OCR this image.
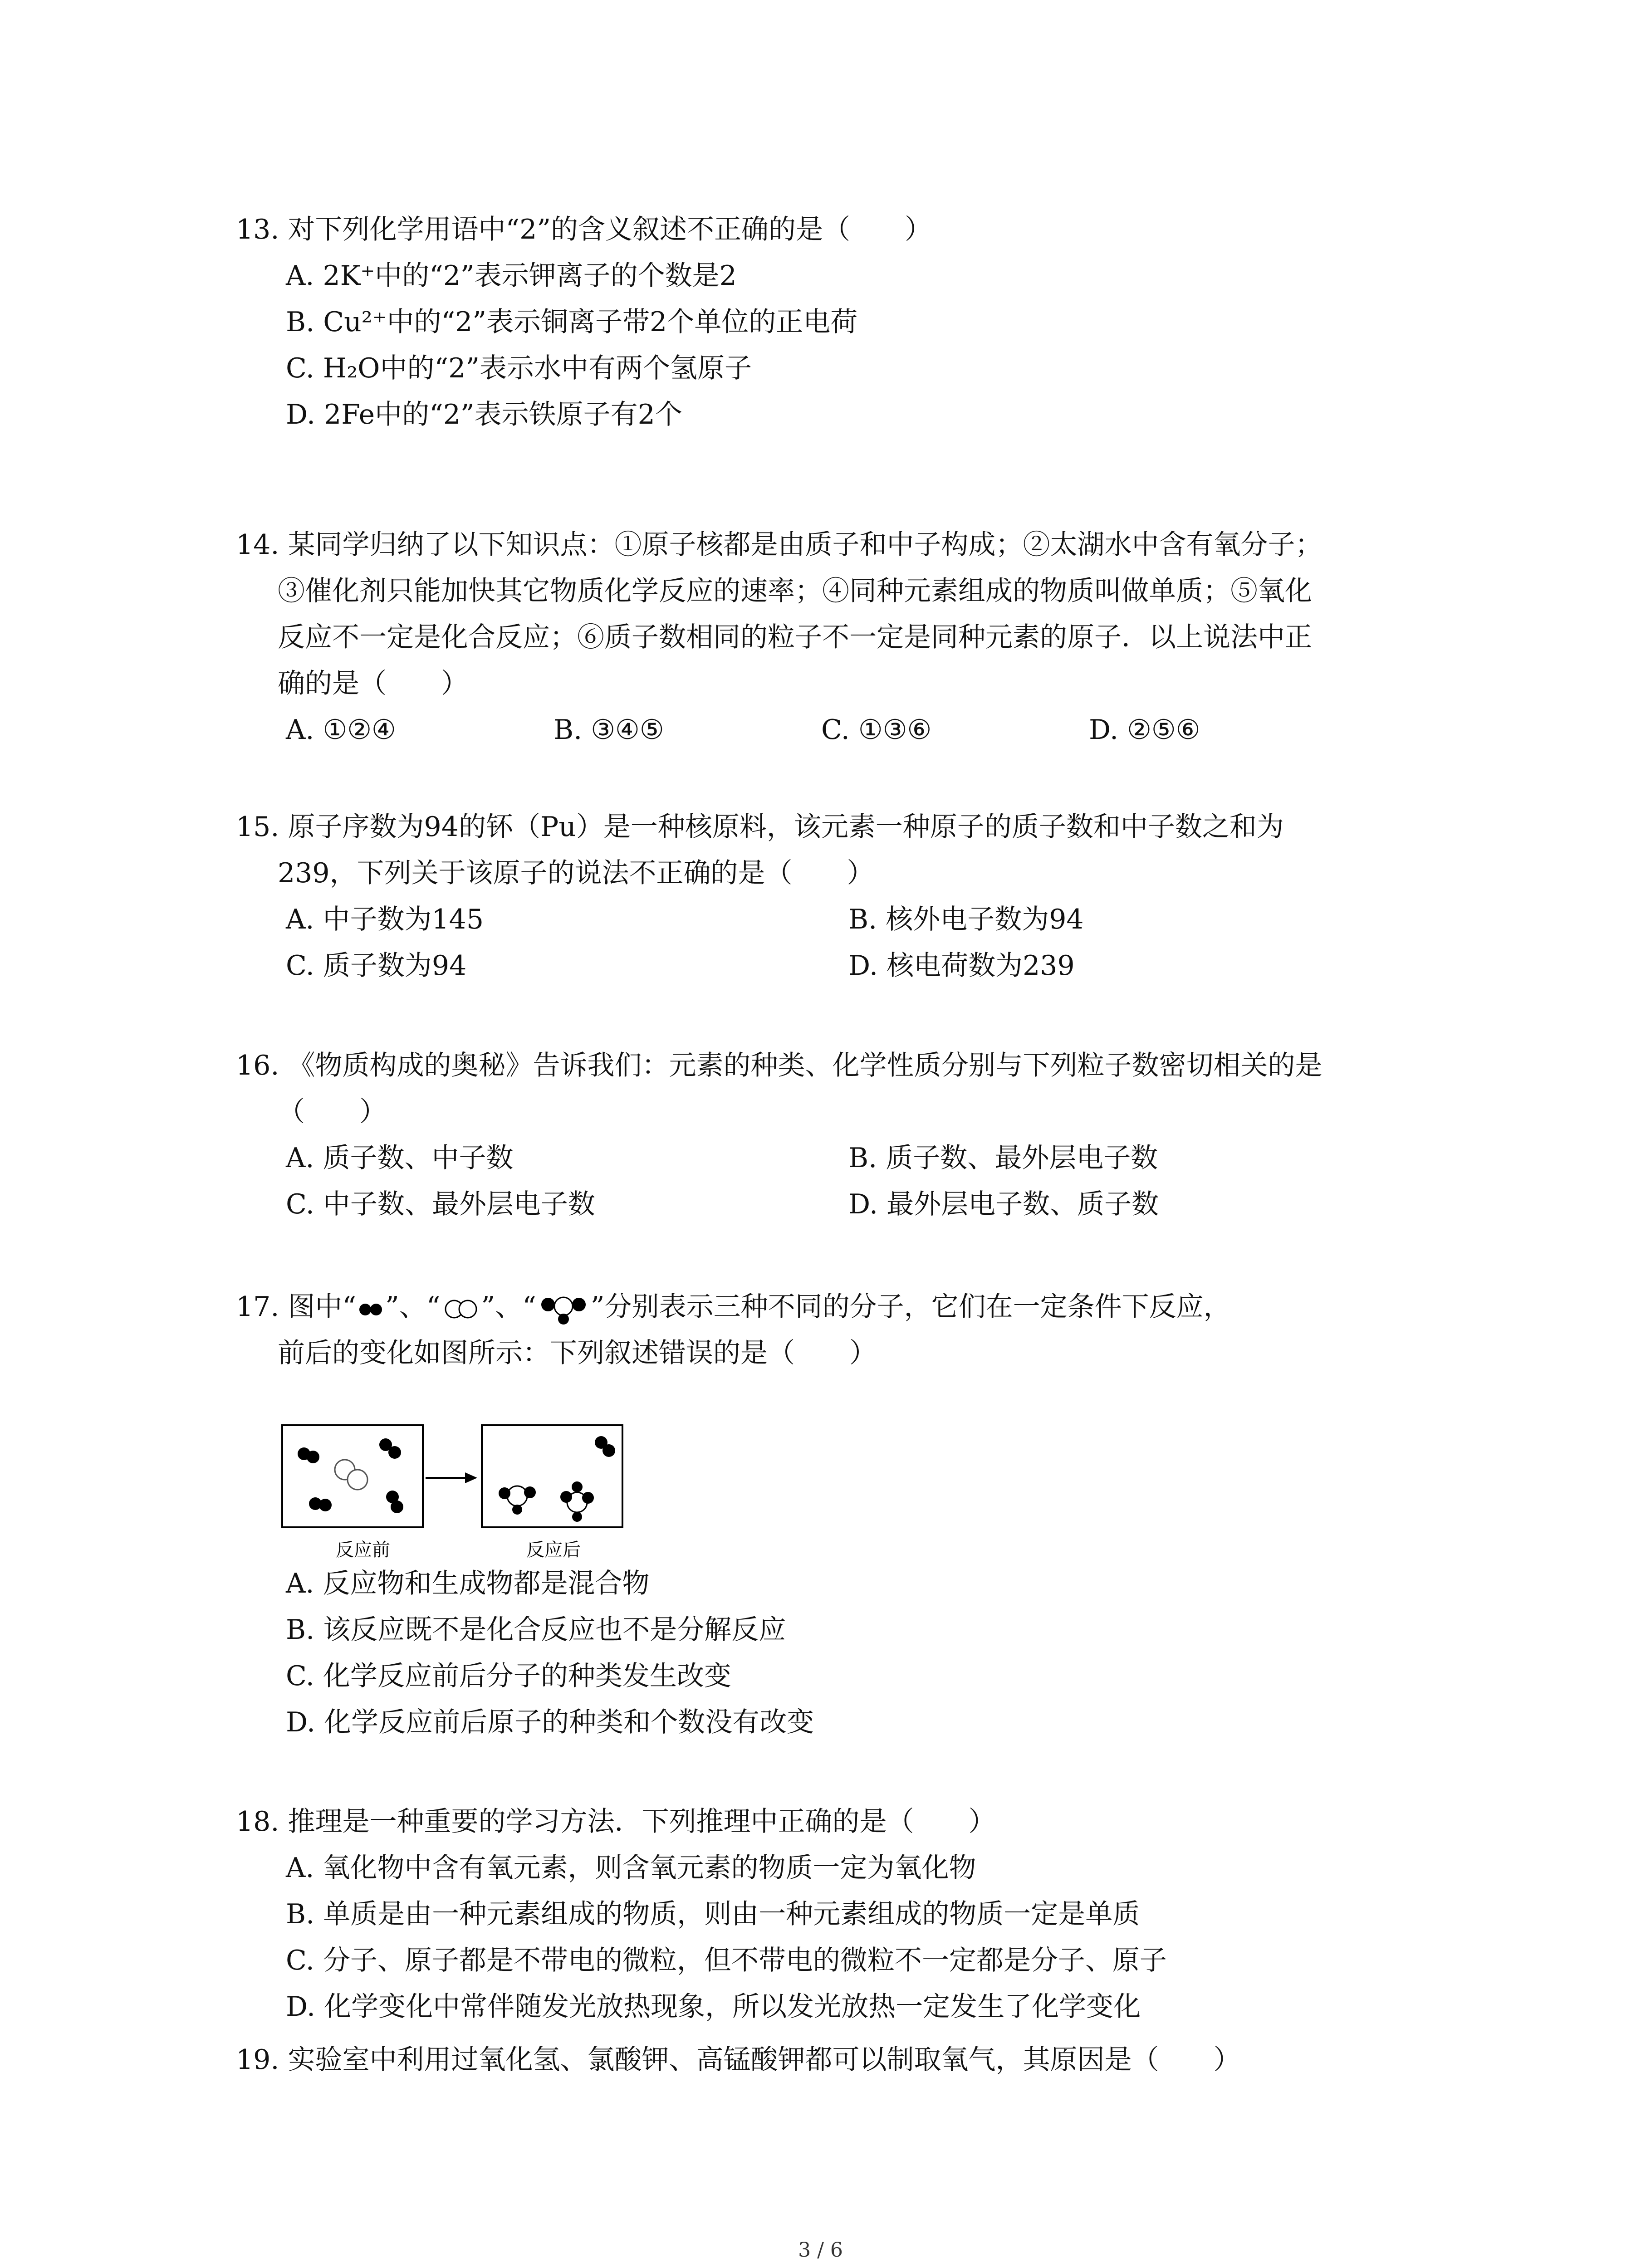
13. 对下列化学用语中“2”的含义叙述不正确的是（　　）
A. 2K⁺中的“2”表示钾离子的个数是2
B. Cu²⁺中的“2”表示铜离子带2个单位的正电荷
C. H₂O中的“2”表示水中有两个氢原子
D. 2Fe中的“2”表示铁原子有2个
14. 某同学归纳了以下知识点：①原子核都是由质子和中子构成；②太湖水中含有氧分子；
③催化剂只能加快其它物质化学反应的速率；④同种元素组成的物质叫做单质；⑤氧化
反应不一定是化合反应；⑥质子数相同的粒子不一定是同种元素的原子．以上说法中正
确的是（　　）
A. ①②④	B. ③④⑤	C. ①③⑥	D. ②⑤⑥
15. 原子序数为94的钚（Pu）是一种核原料，该元素一种原子的质子数和中子数之和为
239，下列关于该原子的说法不正确的是（　　）
A. 中子数为145	B. 核外电子数为94
C. 质子数为94	D. 核电荷数为239
16. 《物质构成的奥秘》告诉我们：元素的种类、化学性质分别与下列粒子数密切相关的是
（　　）
A. 质子数、中子数	B. 质子数、最外层电子数
C. 中子数、最外层电子数	D. 最外层电子数、质子数
17. 图中“ ”、“ ”、“ ”分别表示三种不同的分子，它们在一定条件下反应，
前后的变化如图所示：下列叙述错误的是（　　）
反应前	反应后
A. 反应物和生成物都是混合物
B. 该反应既不是化合反应也不是分解反应
C. 化学反应前后分子的种类发生改变
D. 化学反应前后原子的种类和个数没有改变
18. 推理是一种重要的学习方法．下列推理中正确的是（　　）
A. 氧化物中含有氧元素，则含氧元素的物质一定为氧化物
B. 单质是由一种元素组成的物质，则由一种元素组成的物质一定是单质
C. 分子、原子都是不带电的微粒，但不带电的微粒不一定都是分子、原子
D. 化学变化中常伴随发光放热现象，所以发光放热一定发生了化学变化
19. 实验室中利用过氧化氢、氯酸钾、高锰酸钾都可以制取氧气，其原因是（　　）
3 / 6
